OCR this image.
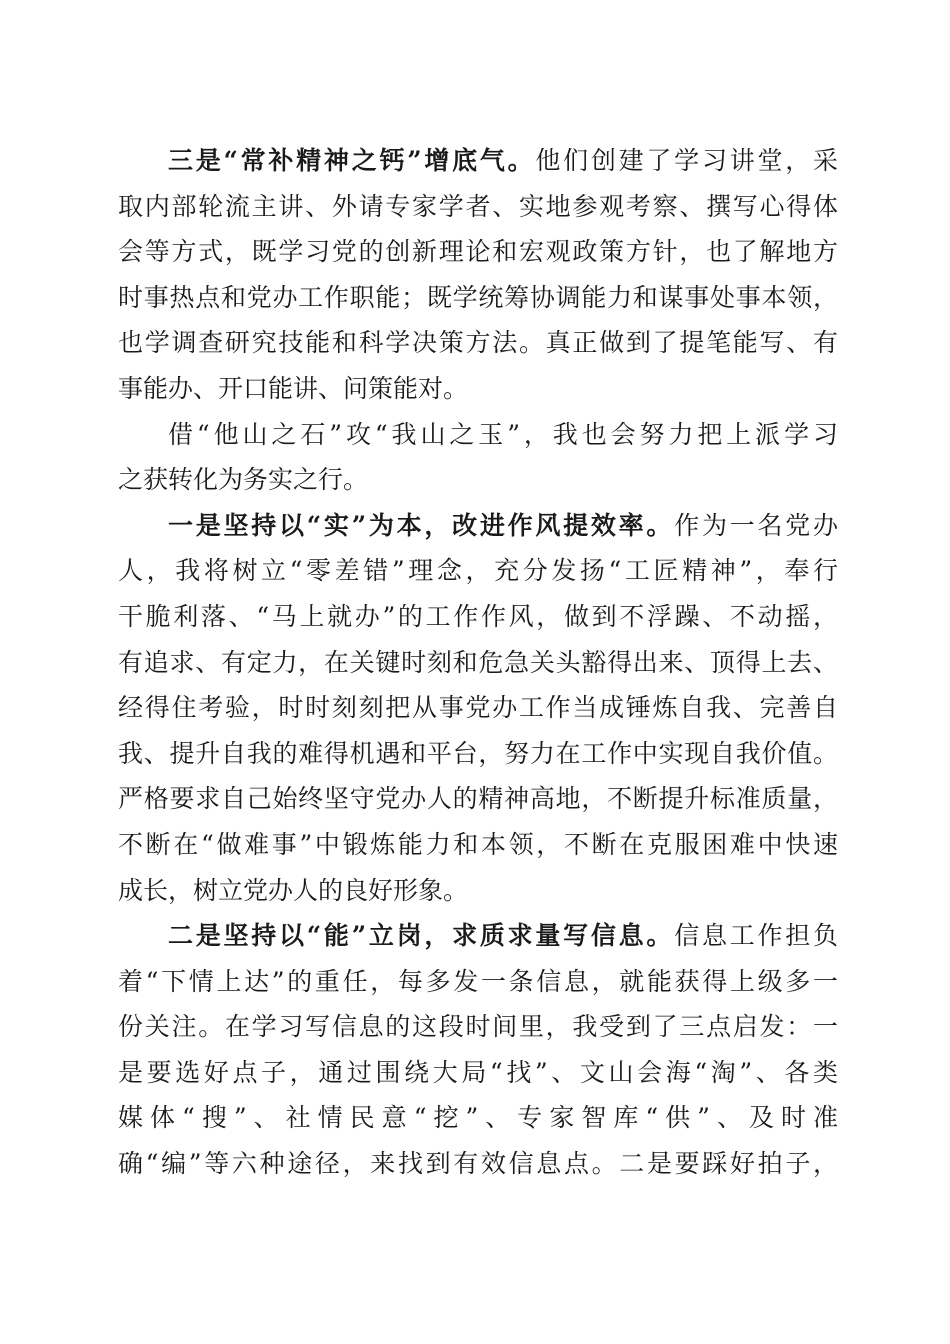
三是“常补精神之钙”增底气。他们创建了学习讲堂，采
取内部轮流主讲、外请专家学者、实地参观考察、撰写心得体
会等方式，既学习党的创新理论和宏观政策方针，也了解地方
时事热点和党办工作职能；既学统筹协调能力和谋事处事本领，
也学调查研究技能和科学决策方法。真正做到了提笔能写、有
事能办、开口能讲、问策能对。
借“他山之石”攻“我山之玉”，我也会努力把上派学习
之获转化为务实之行。
一是坚持以“实”为本，改进作风提效率。作为一名党办
人，我将树立“零差错”理念，充分发扬“工匠精神”，奉行
干脆利落、“马上就办”的工作作风，做到不浮躁、不动摇，
有追求、有定力，在关键时刻和危急关头豁得出来、顶得上去、
经得住考验，时时刻刻把从事党办工作当成锤炼自我、完善自
我、提升自我的难得机遇和平台，努力在工作中实现自我价值。
严格要求自己始终坚守党办人的精神高地，不断提升标准质量，
不断在“做难事”中锻炼能力和本领，不断在克服困难中快速
成长，树立党办人的良好形象。
二是坚持以“能”立岗，求质求量写信息。信息工作担负
着“下情上达”的重任，每多发一条信息，就能获得上级多一
份关注。在学习写信息的这段时间里，我受到了三点启发：一
是要选好点子，通过围绕大局“找”、文山会海“淘”、各类
媒体“搜”、社情民意“挖”、专家智库“供”、及时准
确“编”等六种途径，来找到有效信息点。二是要踩好拍子，
